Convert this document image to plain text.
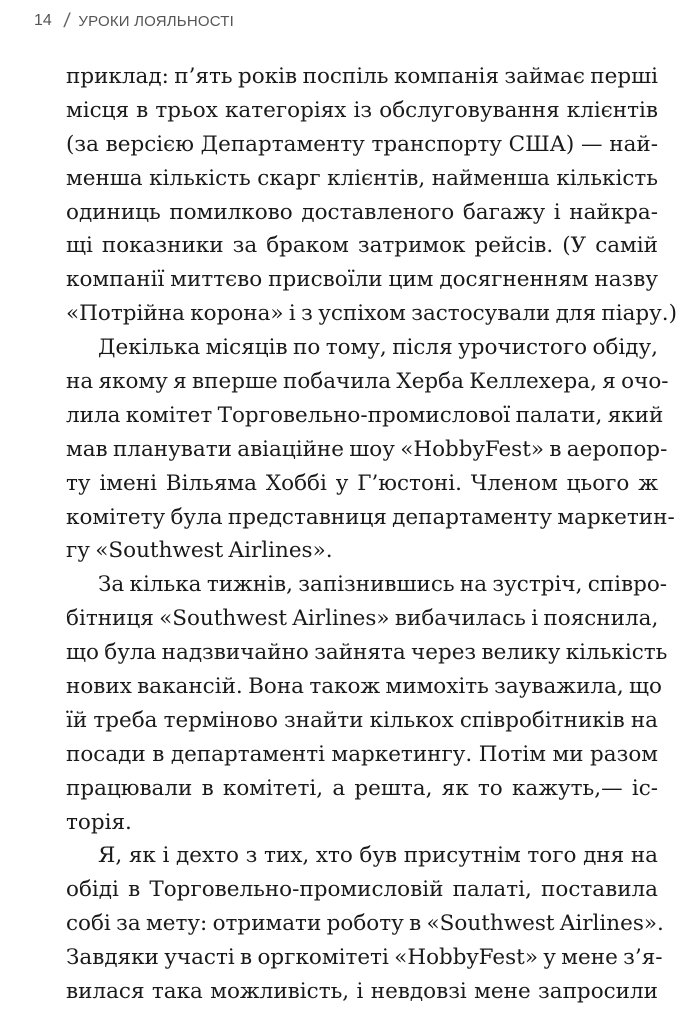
14 / УРОКИ ЛОЯЛЬНОСТІ
приклад: п’ять років поспіль компанія займає перші
місця в трьох категоріях із обслуговування клієнтів
(за версією Департаменту транспорту США) — най-
менша кількість скарг клієнтів, найменша кількість
одиниць помилково доставленого багажу і найкра-
щі показники за браком затримок рейсів. (У самій
компанії миттєво присвоїли цим досягненням назву
«Потрійна корона» і з успіхом застосували для піару.)
Декілька місяців по тому, після урочистого обіду,
на якому я вперше побачила Херба Келлехера, я очо-
лила комітет Торговельно-промислової палати, який
мав планувати авіаційне шоу «HobbyFest» в аеропор-
ту імені Вільяма Хоббі у Г’юстоні. Членом цього ж
комітету була представниця департаменту маркетин-
гу «Southwest Airlines».
За кілька тижнів, запізнившись на зустріч, співро-
бітниця «Southwest Airlines» вибачилась і пояснила,
що була надзвичайно зайнята через велику кількість
нових вакансій. Вона також мимохіть зауважила, що
їй треба терміново знайти кількох співробітників на
посади в департаменті маркетингу. Потім ми разом
працювали в комітеті, а решта, як то кажуть,— іс-
торія.
Я, як і дехто з тих, хто був присутнім того дня на
обіді в Торговельно-промисловій палаті, поставила
собі за мету: отримати роботу в «Southwest Airlines».
Завдяки участі в оргкомітеті «HobbyFest» у мене з’я-
вилася така можливість, і невдовзі мене запросили
